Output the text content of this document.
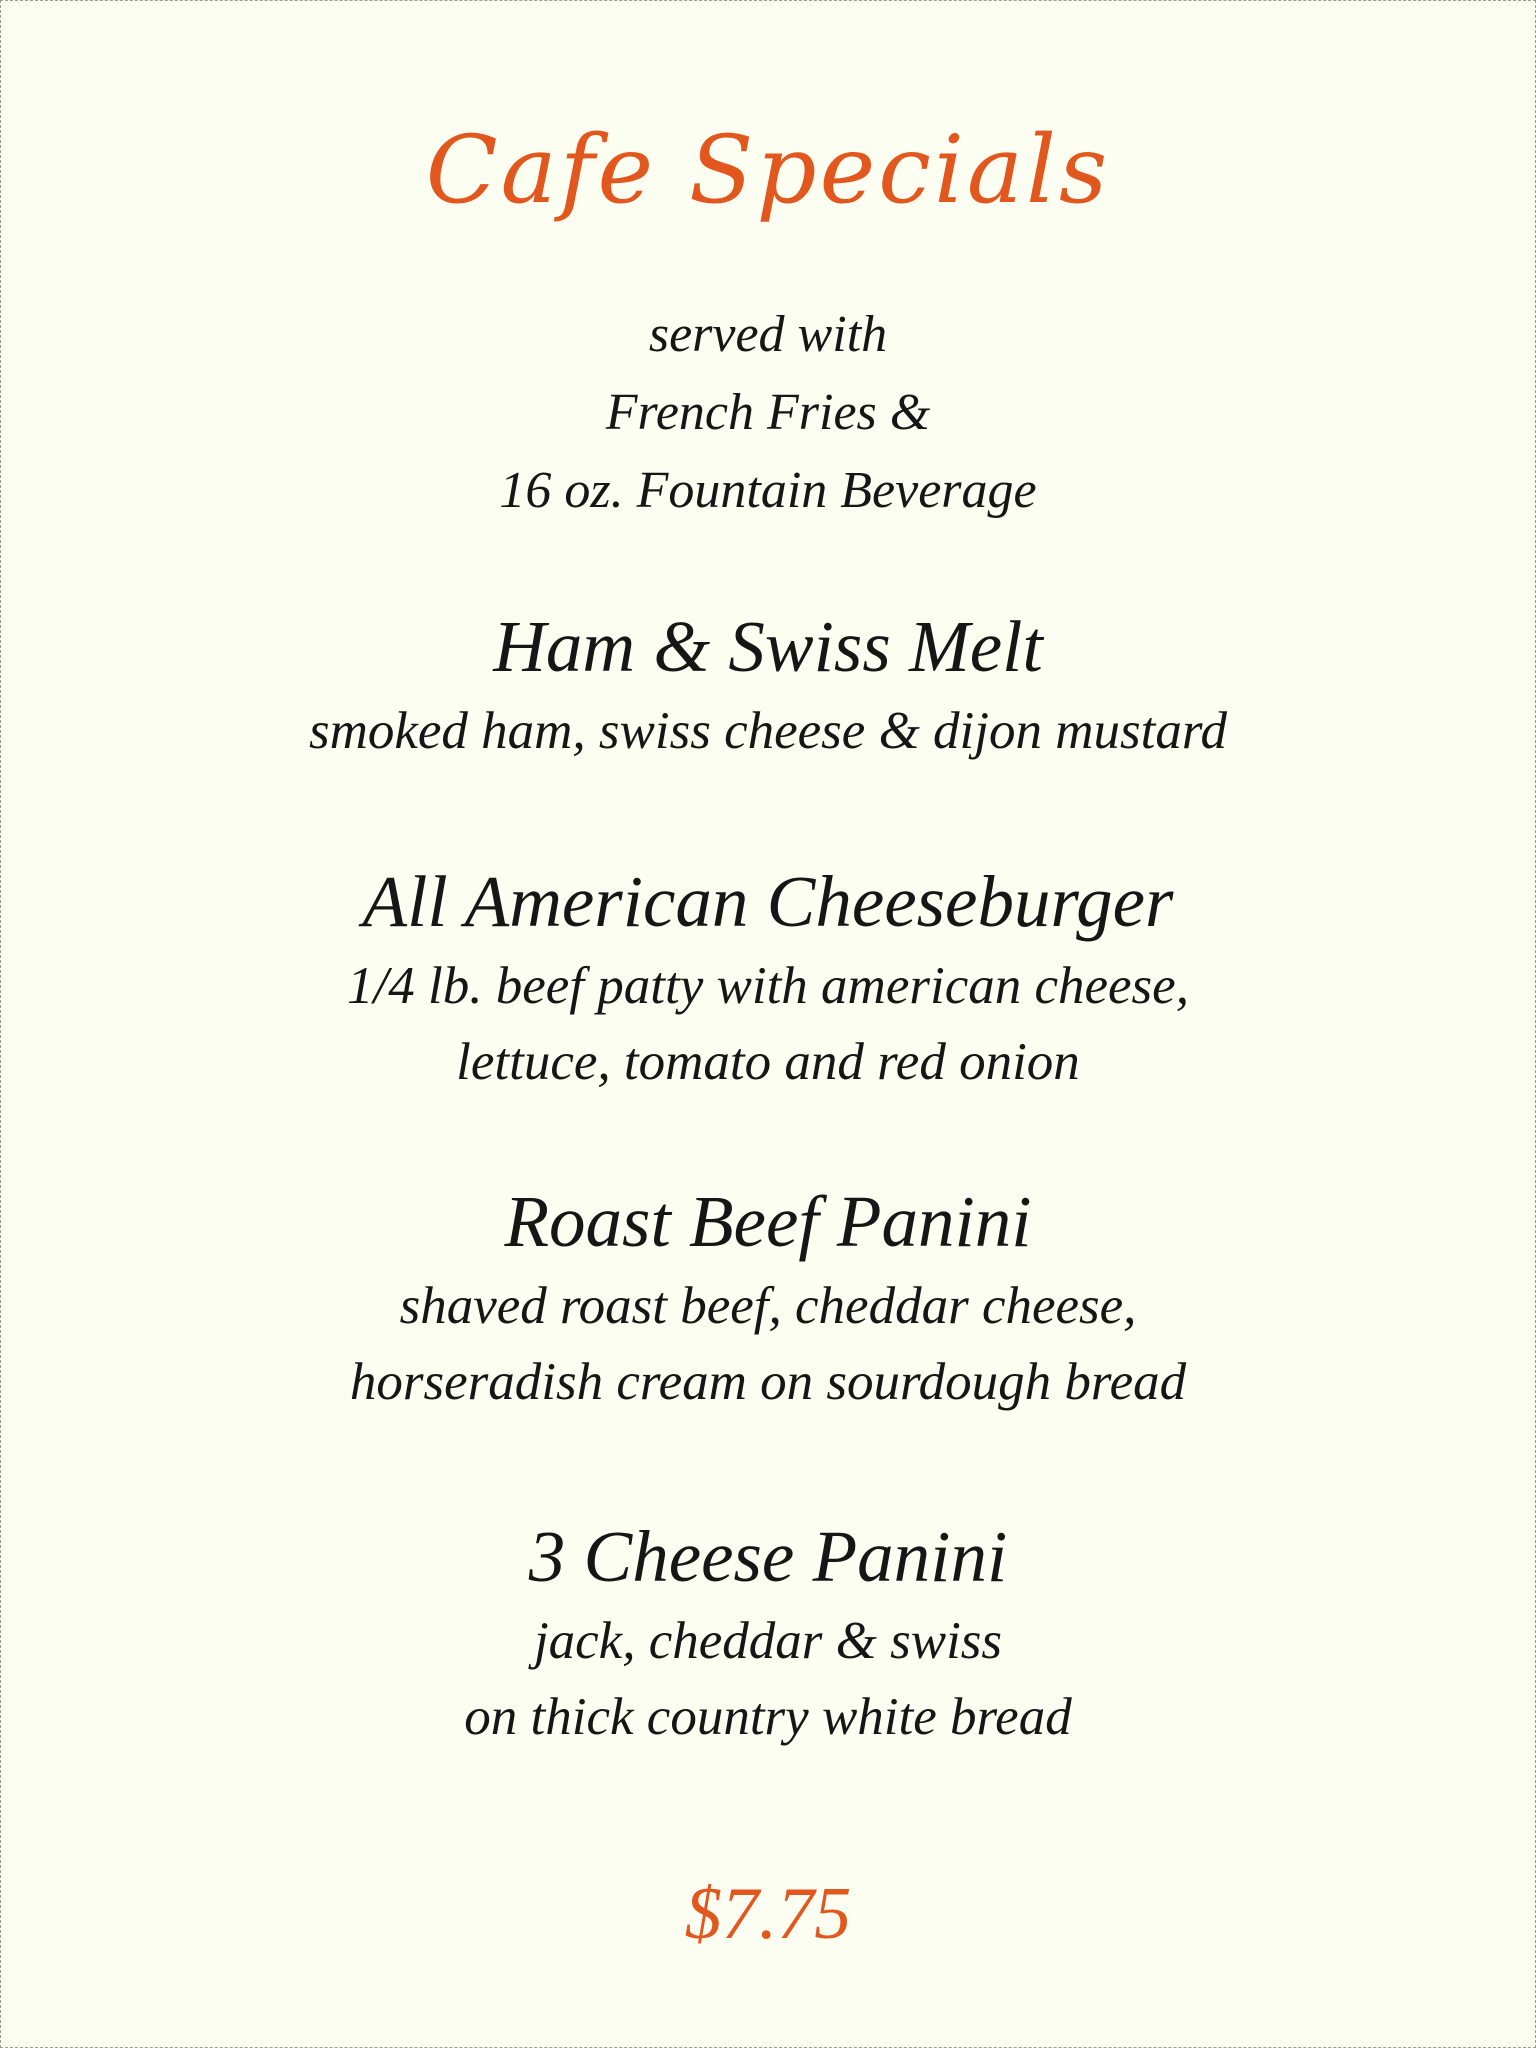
Cafe Specials
served with
French Fries &
16 oz. Fountain Beverage
Ham & Swiss Melt
smoked ham, swiss cheese & dijon mustard
All American Cheeseburger
1/4 lb. beef patty with american cheese,
lettuce, tomato and red onion
Roast Beef Panini
shaved roast beef, cheddar cheese,
horseradish cream on sourdough bread
3 Cheese Panini
jack, cheddar & swiss
on thick country white bread
$7.75
